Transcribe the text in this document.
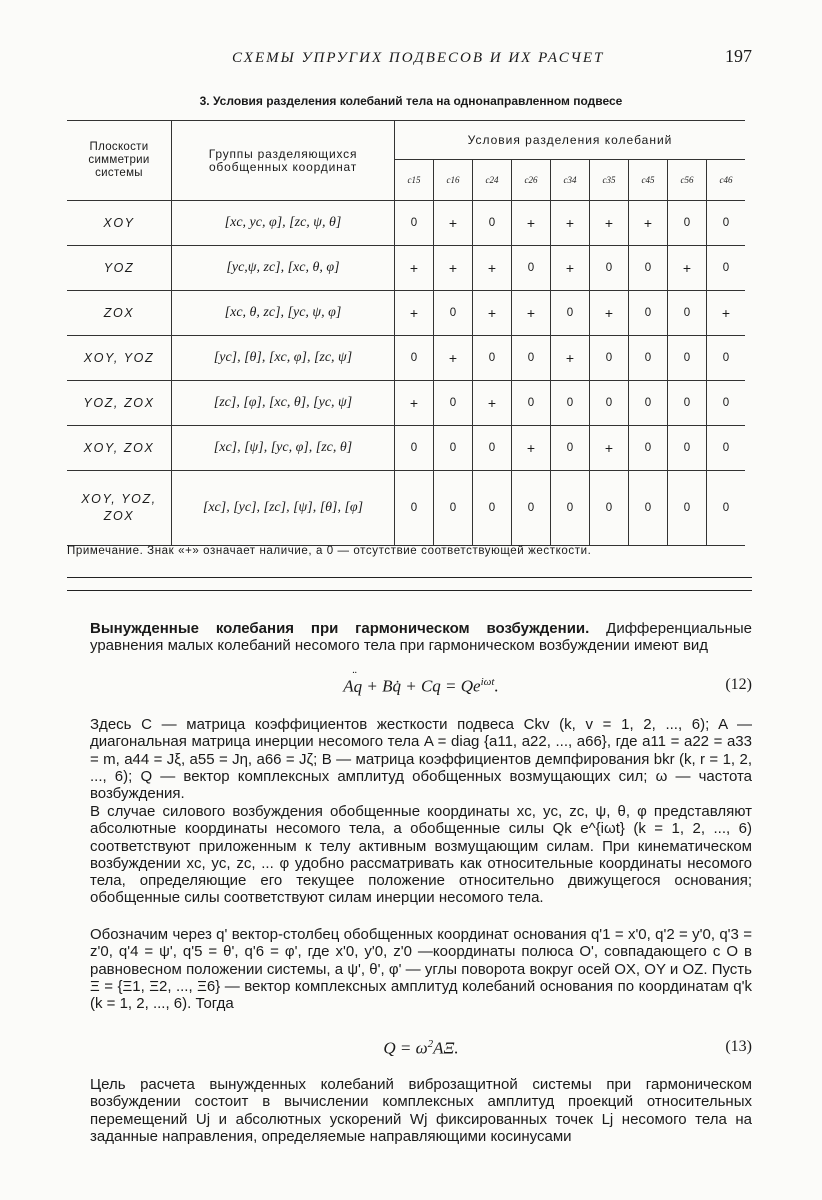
СХЕМЫ УПРУГИХ ПОДВЕСОВ И ИХ РАСЧЕТ	197
3. Условия разделения колебаний тела на однонаправленном подвесе
Плоскости симметрии системы	Группы разделяющихся обобщенных координат	Условия разделения колебаний								
		c15	c16	c24	c26	c34	c35	c45	c56	c46
XOY	[xc, yc, φ], [zc, ψ, θ]	0	+	0	+	+	+	+	0	0
YOZ	[yc,ψ, zc], [xc, θ, φ]	+	+	+	0	+	0	0	+	0
ZOX	[xc, θ, zc], [yc, ψ, φ]	+	0	+	+	0	+	0	0	+
XOY, YOZ	[yc], [θ], [xc, φ], [zc, ψ]	0	+	0	0	+	0	0	0	0
YOZ, ZOX	[zc], [φ], [xc, θ], [yc, ψ]	+	0	+	0	0	0	0	0	0
XOY, ZOX	[xc], [ψ], [yc, φ], [zc, θ]	0	0	0	+	0	+	0	0	0
XOY, YOZ, ZOX	[xc], [yc], [zc], [ψ], [θ], [φ]	0	0	0	0	0	0	0	0	0
Примечание. Знак «+» означает наличие, а 0 — отсутствие соответствующей жесткости.
Вынужденные колебания при гармоническом возбуждении. Дифференциальные уравнения малых колебаний несомого тела при гармоническом возбуждении имеют вид
Aq
+ Bq̇ + $Cq = Qe^{i\omega t}$.	(12)
Здесь C — матрица коэффициентов жесткости подвеса Ckv (k, v = 1, 2, ..., 6); A — диагональная матрица инерции несомого тела A = diag {a11, a22, ..., a66}, где a11 = a22 = a33 = m, a44 = Jξ, a55 = Jη, a66 = Jζ; B — матрица коэффициентов демпфирования bkr (k, r = 1, 2, ..., 6); Q — вектор комплексных амплитуд обобщенных возмущающих сил; ω — частота возбуждения.
В случае силового возбуждения обобщенные координаты xc, yc, zc, ψ, θ, φ представляют абсолютные координаты несомого тела, а обобщенные силы Qk e^{iωt} (k = 1, 2, ..., 6) соответствуют приложенным к телу активным возмущающим силам. При кинематическом возбуждении xc, yc, zc, ... φ удобно рассматривать как относительные координаты несомого тела, определяющие его текущее положение относительно движущегося основания; обобщенные силы соответствуют силам инерции несомого тела.
Обозначим через q' вектор-столбец обобщенных координат основания q'1 = x'0, q'2 = y'0, q'3 = z'0, q'4 = ψ', q'5 = θ', q'6 = φ', где x'0, y'0, z'0 —координаты полюса O', совпадающего с O в равновесном положении системы, а ψ', θ', φ' — углы поворота вокруг осей OX, OY и OZ. Пусть Ξ = {Ξ1, Ξ2, ..., Ξ6} — вектор комплексных амплитуд колебаний основания по координатам q'k (k = 1, 2, ..., 6). Тогда
$Q = \omega^2A\Xi$.	(13)
Цель расчета вынужденных колебаний виброзащитной системы при гармоническом возбуждении состоит в вычислении комплексных амплитуд проекций относительных перемещений Uj и абсолютных ускорений Wj фиксированных точек Lj несомого тела на заданные направления, определяемые направляющими косинусами
